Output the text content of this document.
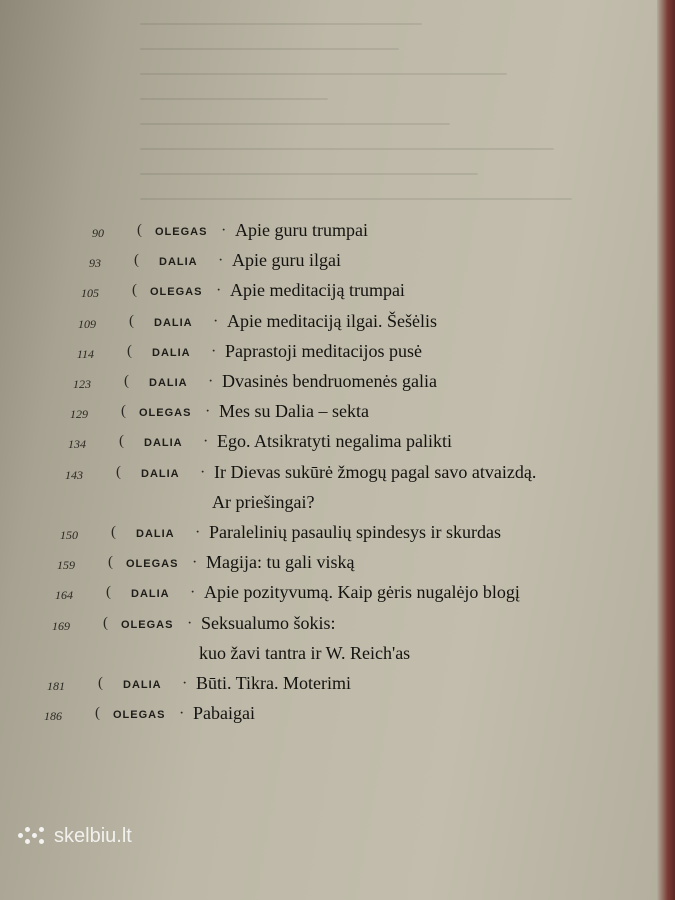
90 ( OLEGAS · Apie guru trumpai
93 ( DALIA · Apie guru ilgai
105 ( OLEGAS · Apie meditaciją trumpai
109 ( DALIA · Apie meditaciją ilgai. Šešėlis
114 ( DALIA · Paprastoji meditacijos pusė
123 ( DALIA · Dvasinės bendruomenės galia
129 ( OLEGAS · Mes su Dalia – sekta
134 ( DALIA · Ego. Atsikratyti negalima palikti
143 ( DALIA · Ir Dievas sukūrė žmogų pagal savo atvaizdą.
Ar priešingai?
150 ( DALIA · Paralelinių pasaulių spindesys ir skurdas
159 ( OLEGAS · Magija: tu gali viską
164 ( DALIA · Apie pozityvumą. Kaip gėris nugalėjo blogį
169 ( OLEGAS · Seksualumo šokis:
kuo žavi tantra ir W. Reich'as
181 ( DALIA · Būti. Tikra. Moterimi
186 ( OLEGAS · Pabaigai
skelbiu.lt
